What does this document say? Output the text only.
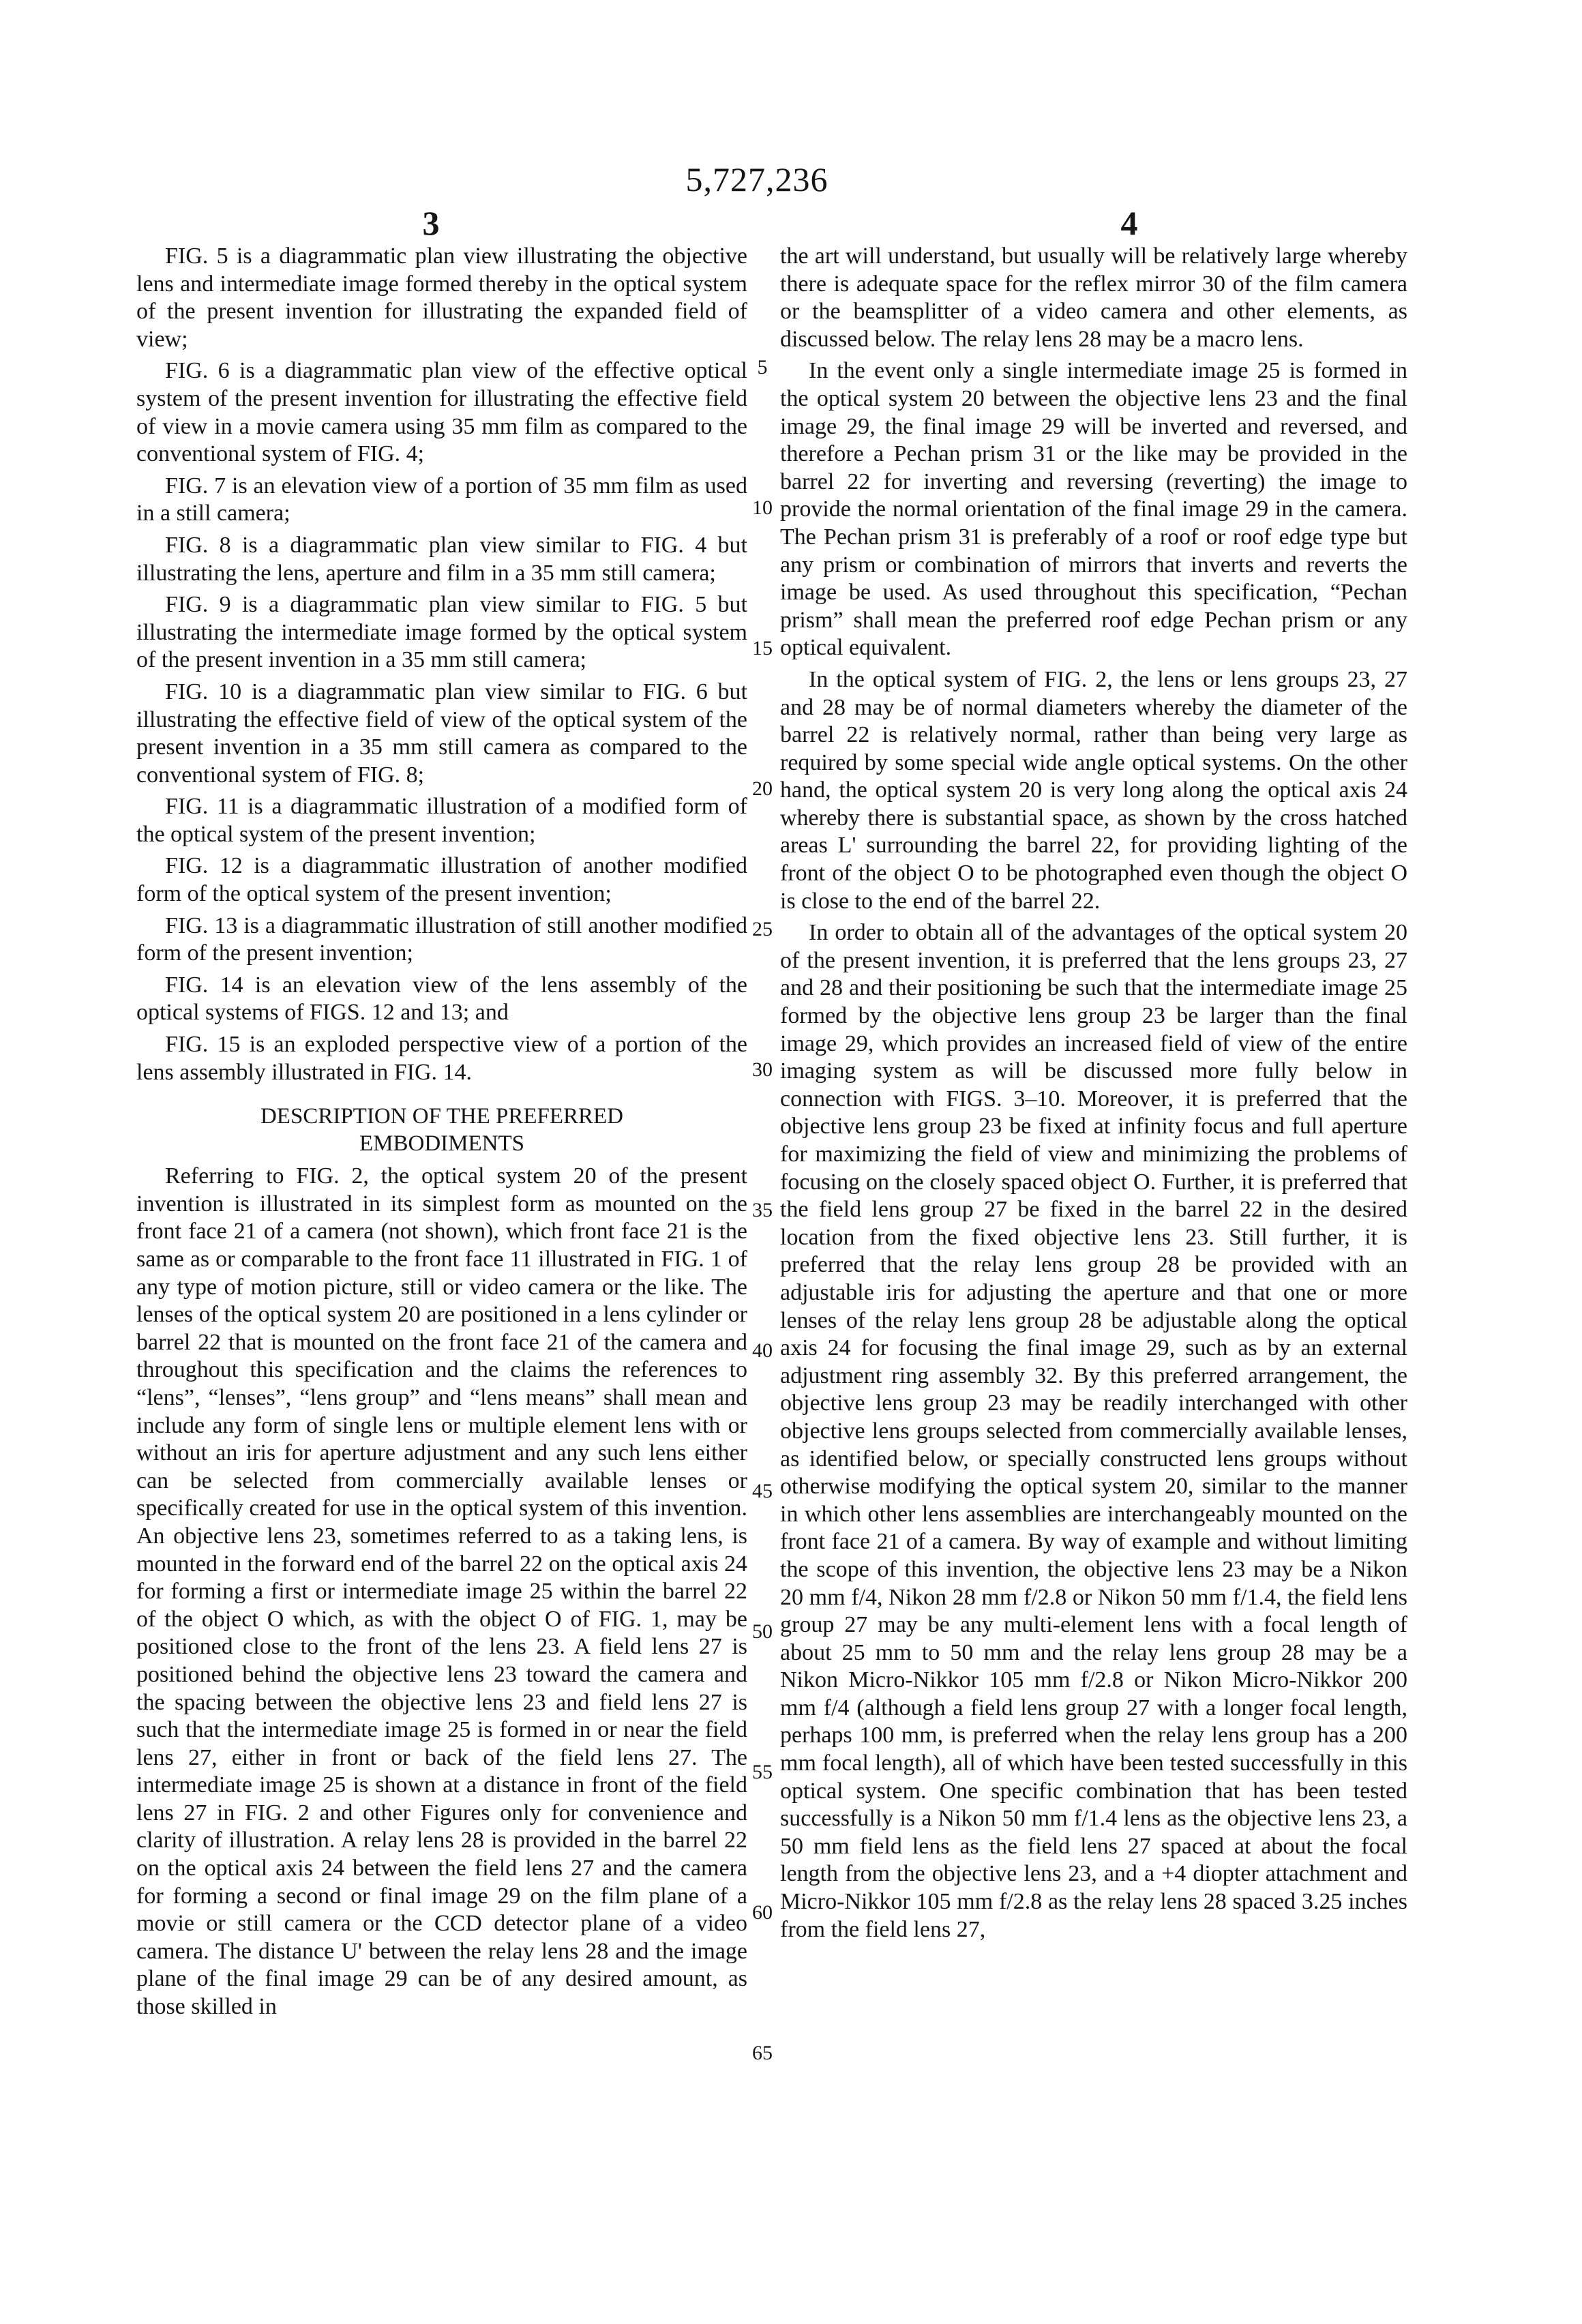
5,727,236
3	4

FIG. 5 is a diagrammatic plan view illustrating the objective lens and intermediate image formed thereby in the optical system of the present invention for illustrating the expanded field of view;

FIG. 6 is a diagrammatic plan view of the effective optical system of the present invention for illustrating the effective field of view in a movie camera using 35 mm film as compared to the conventional system of FIG. 4;

FIG. 7 is an elevation view of a portion of 35 mm film as used in a still camera;

FIG. 8 is a diagrammatic plan view similar to FIG. 4 but illustrating the lens, aperture and film in a 35 mm still camera;

FIG. 9 is a diagrammatic plan view similar to FIG. 5 but illustrating the intermediate image formed by the optical system of the present invention in a 35 mm still camera;

FIG. 10 is a diagrammatic plan view similar to FIG. 6 but illustrating the effective field of view of the optical system of the present invention in a 35 mm still camera as compared to the conventional system of FIG. 8;

FIG. 11 is a diagrammatic illustration of a modified form of the optical system of the present invention;

FIG. 12 is a diagrammatic illustration of another modified form of the optical system of the present invention;

FIG. 13 is a diagrammatic illustration of still another modified form of the present invention;

FIG. 14 is an elevation view of the lens assembly of the optical systems of FIGS. 12 and 13; and

FIG. 15 is an exploded perspective view of a portion of the lens assembly illustrated in FIG. 14.

DESCRIPTION OF THE PREFERRED
EMBODIMENTS

Referring to FIG. 2, the optical system 20 of the present invention is illustrated in its simplest form as mounted on the front face 21 of a camera (not shown), which front face 21 is the same as or comparable to the front face 11 illustrated in FIG. 1 of any type of motion picture, still or video camera or the like. The lenses of the optical system 20 are positioned in a lens cylinder or barrel 22 that is mounted on the front face 21 of the camera and throughout this specification and the claims the references to “lens”, “lenses”, “lens group” and “lens means” shall mean and include any form of single lens or multiple element lens with or without an iris for aperture adjustment and any such lens either can be selected from commercially available lenses or specifically created for use in the optical system of this invention. An objective lens 23, sometimes referred to as a taking lens, is mounted in the forward end of the barrel 22 on the optical axis 24 for forming a first or intermediate image 25 within the barrel 22 of the object O which, as with the object O of FIG. 1, may be positioned close to the front of the lens 23. A field lens 27 is positioned behind the objective lens 23 toward the camera and the spacing between the objective lens 23 and field lens 27 is such that the intermediate image 25 is formed in or near the field lens 27, either in front or back of the field lens 27. The intermediate image 25 is shown at a distance in front of the field lens 27 in FIG. 2 and other Figures only for convenience and clarity of illustration. A relay lens 28 is provided in the barrel 22 on the optical axis 24 between the field lens 27 and the camera for forming a second or final image 29 on the film plane of a movie or still camera or the CCD detector plane of a video camera. The distance U' between the relay lens 28 and the image plane of the final image 29 can be of any desired amount, as those skilled in

the art will understand, but usually will be relatively large whereby there is adequate space for the reflex mirror 30 of the film camera or the beamsplitter of a video camera and other elements, as discussed below. The relay lens 28 may be a macro lens.

In the event only a single intermediate image 25 is formed in the optical system 20 between the objective lens 23 and the final image 29, the final image 29 will be inverted and reversed, and therefore a Pechan prism 31 or the like may be provided in the barrel 22 for inverting and reversing (reverting) the image to provide the normal orientation of the final image 29 in the camera. The Pechan prism 31 is preferably of a roof or roof edge type but any prism or combination of mirrors that inverts and reverts the image be used. As used throughout this specification, “Pechan prism” shall mean the preferred roof edge Pechan prism or any optical equivalent.

In the optical system of FIG. 2, the lens or lens groups 23, 27 and 28 may be of normal diameters whereby the diameter of the barrel 22 is relatively normal, rather than being very large as required by some special wide angle optical systems. On the other hand, the optical system 20 is very long along the optical axis 24 whereby there is substantial space, as shown by the cross hatched areas L' surrounding the barrel 22, for providing lighting of the front of the object O to be photographed even though the object O is close to the end of the barrel 22.

In order to obtain all of the advantages of the optical system 20 of the present invention, it is preferred that the lens groups 23, 27 and 28 and their positioning be such that the intermediate image 25 formed by the objective lens group 23 be larger than the final image 29, which provides an increased field of view of the entire imaging system as will be discussed more fully below in connection with FIGS. 3–10. Moreover, it is preferred that the objective lens group 23 be fixed at infinity focus and full aperture for maximizing the field of view and minimizing the problems of focusing on the closely spaced object O. Further, it is preferred that the field lens group 27 be fixed in the barrel 22 in the desired location from the fixed objective lens 23. Still further, it is preferred that the relay lens group 28 be provided with an adjustable iris for adjusting the aperture and that one or more lenses of the relay lens group 28 be adjustable along the optical axis 24 for focusing the final image 29, such as by an external adjustment ring assembly 32. By this preferred arrangement, the objective lens group 23 may be readily interchanged with other objective lens groups selected from commercially available lenses, as identified below, or specially constructed lens groups without otherwise modifying the optical system 20, similar to the manner in which other lens assemblies are interchangeably mounted on the front face 21 of a camera. By way of example and without limiting the scope of this invention, the objective lens 23 may be a Nikon 20 mm f/4, Nikon 28 mm f/2.8 or Nikon 50 mm f/1.4, the field lens group 27 may be any multi-element lens with a focal length of about 25 mm to 50 mm and the relay lens group 28 may be a Nikon Micro-Nikkor 105 mm f/2.8 or Nikon Micro-Nikkor 200 mm f/4 (although a field lens group 27 with a longer focal length, perhaps 100 mm, is preferred when the relay lens group has a 200 mm focal length), all of which have been tested successfully in this optical system. One specific combination that has been tested successfully is a Nikon 50 mm f/1.4 lens as the objective lens 23, a 50 mm field lens as the field lens 27 spaced at about the focal length from the objective lens 23, and a +4 diopter attachment and Micro-Nikkor 105 mm f/2.8 as the relay lens 28 spaced 3.25 inches from the field lens 27,

5
10
15
20
25
30
35
40
45
50
55
60
65
